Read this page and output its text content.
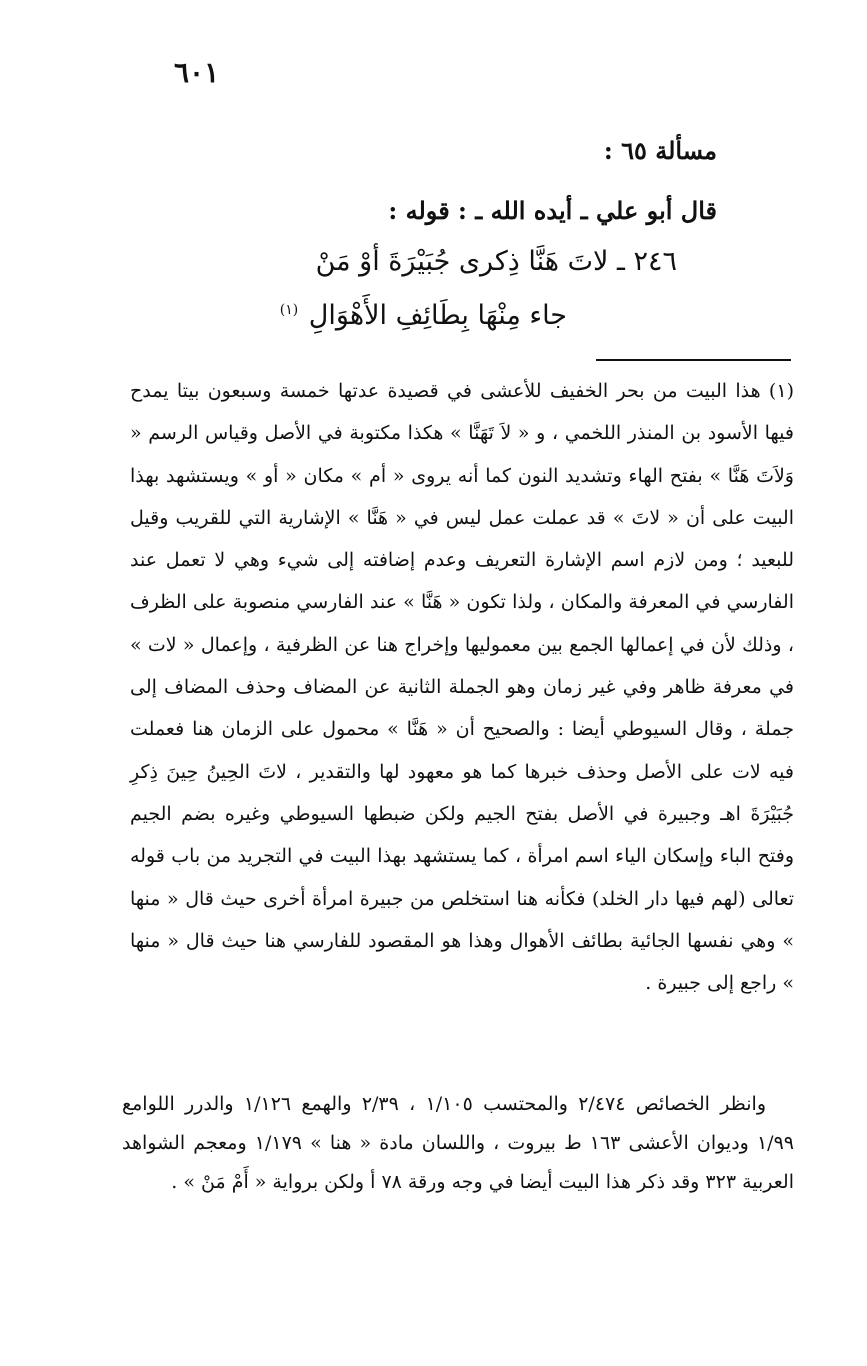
٦٠١
مسألة ٦٥ :
قال أبو علي ـ أيده الله ـ : قوله :
٢٤٦ ـ لاتَ هَنَّا ذِكرى جُبَيْرَةَ أوْ مَنْ
جاء مِنْهَا بِطَائِفِ الأَهْوَالِ $^{(١)}$

(١) هذا البيت من بحر الخفيف للأعشى في قصيدة عدتها خمسة وسبعون بيتا يمدح فيها الأسود بن المنذر اللخمي ، و « لاَ تَهَنَّا » هكذا مكتوبة في الأصل وقياس الرسم « وَلاَتَ هَنَّا » بفتح الهاء وتشديد النون كما أنه يروى « أم » مكان « أو » ويستشهد بهذا البيت على أن « لاتَ » قد عملت عمل ليس في « هَنَّا » الإشارية التي للقريب وقيل للبعيد ؛ ومن لازم اسم الإشارة التعريف وعدم إضافته إلى شيء وهي لا تعمل عند الفارسي في المعرفة والمكان ، ولذا تكون « هَنَّا » عند الفارسي منصوبة على الظرف ، وذلك لأن في إعمالها الجمع بين معموليها وإخراج هنا عن الظرفية ، وإعمال « لات » في معرفة ظاهر وفي غير زمان وهو الجملة الثانية عن المضاف وحذف المضاف إلى جملة ، وقال السيوطي أيضا : والصحيح أن « هَنَّا » محمول على الزمان هنا فعملت فيه لات على الأصل وحذف خبرها كما هو معهود لها والتقدير ، لاتَ الحِينُ حِينَ ذِكرِ جُبَيْرَةَ اهـ وجبيرة في الأصل بفتح الجيم ولكن ضبطها السيوطي وغيره بضم الجيم وفتح الباء وإسكان الياء اسم امرأة ، كما يستشهد بهذا البيت في التجريد من باب قوله تعالى (لهم فيها دار الخلد) فكأنه هنا استخلص من جبيرة امرأة أخرى حيث قال « منها » وهي نفسها الجائية بطائف الأهوال وهذا هو المقصود للفارسي هنا حيث قال « منها » راجع إلى جبيرة .

وانظر الخصائص ٢/٤٧٤ والمحتسب ١/١٠٥ ، ٢/٣٩ والهمع ١/١٢٦ والدرر اللوامع ١/٩٩ وديوان الأعشى ١٦٣ ط بيروت ، واللسان مادة « هنا » ١/١٧٩ ومعجم الشواهد العربية ٣٢٣ وقد ذكر هذا البيت أيضا في وجه ورقة ٧٨ أ ولكن برواية « أَمْ مَنْ » .
